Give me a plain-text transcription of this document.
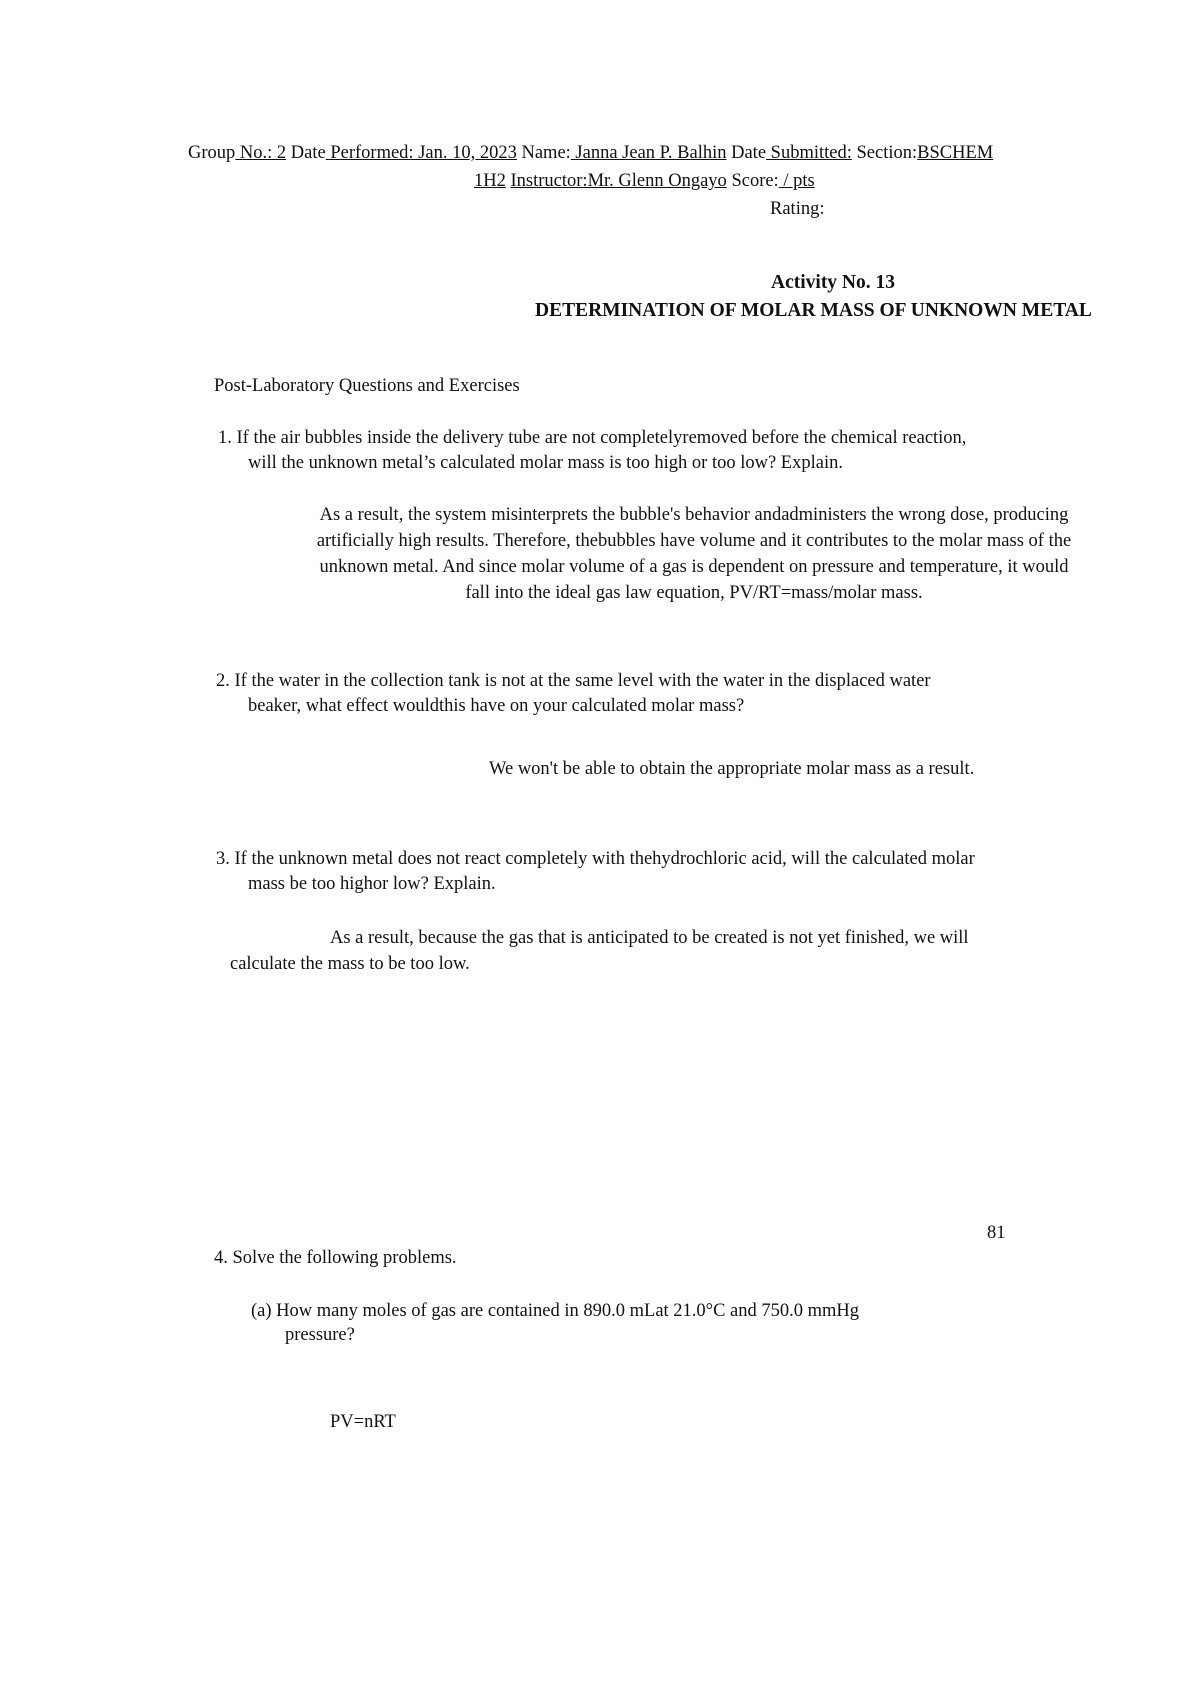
Group No.: 2 Date Performed: Jan. 10, 2023 Name: Janna Jean P. Balhin Date Submitted: Section:BSCHEM
1H2 Instructor:Mr. Glenn Ongayo Score: / pts
Rating:
Activity No. 13
DETERMINATION OF MOLAR MASS OF UNKNOWN METAL
Post-Laboratory Questions and Exercises
1. If the air bubbles inside the delivery tube are not completelyremoved before the chemical reaction,
will the unknown metal’s calculated molar mass is too high or too low? Explain.
As a result, the system misinterprets the bubble's behavior andadministers the wrong dose, producing
artificially high results. Therefore, thebubbles have volume and it contributes to the molar mass of the
unknown metal. And since molar volume of a gas is dependent on pressure and temperature, it would
fall into the ideal gas law equation, PV/RT=mass/molar mass.
2. If the water in the collection tank is not at the same level with the water in the displaced water
beaker, what effect wouldthis have on your calculated molar mass?
We won't be able to obtain the appropriate molar mass as a result.
3. If the unknown metal does not react completely with thehydrochloric acid, will the calculated molar
mass be too highor low? Explain.
As a result, because the gas that is anticipated to be created is not yet finished, we will
calculate the mass to be too low.
81
4. Solve the following problems.
(a) How many moles of gas are contained in 890.0 mLat 21.0°C and 750.0 mmHg
pressure?
PV=nRT
